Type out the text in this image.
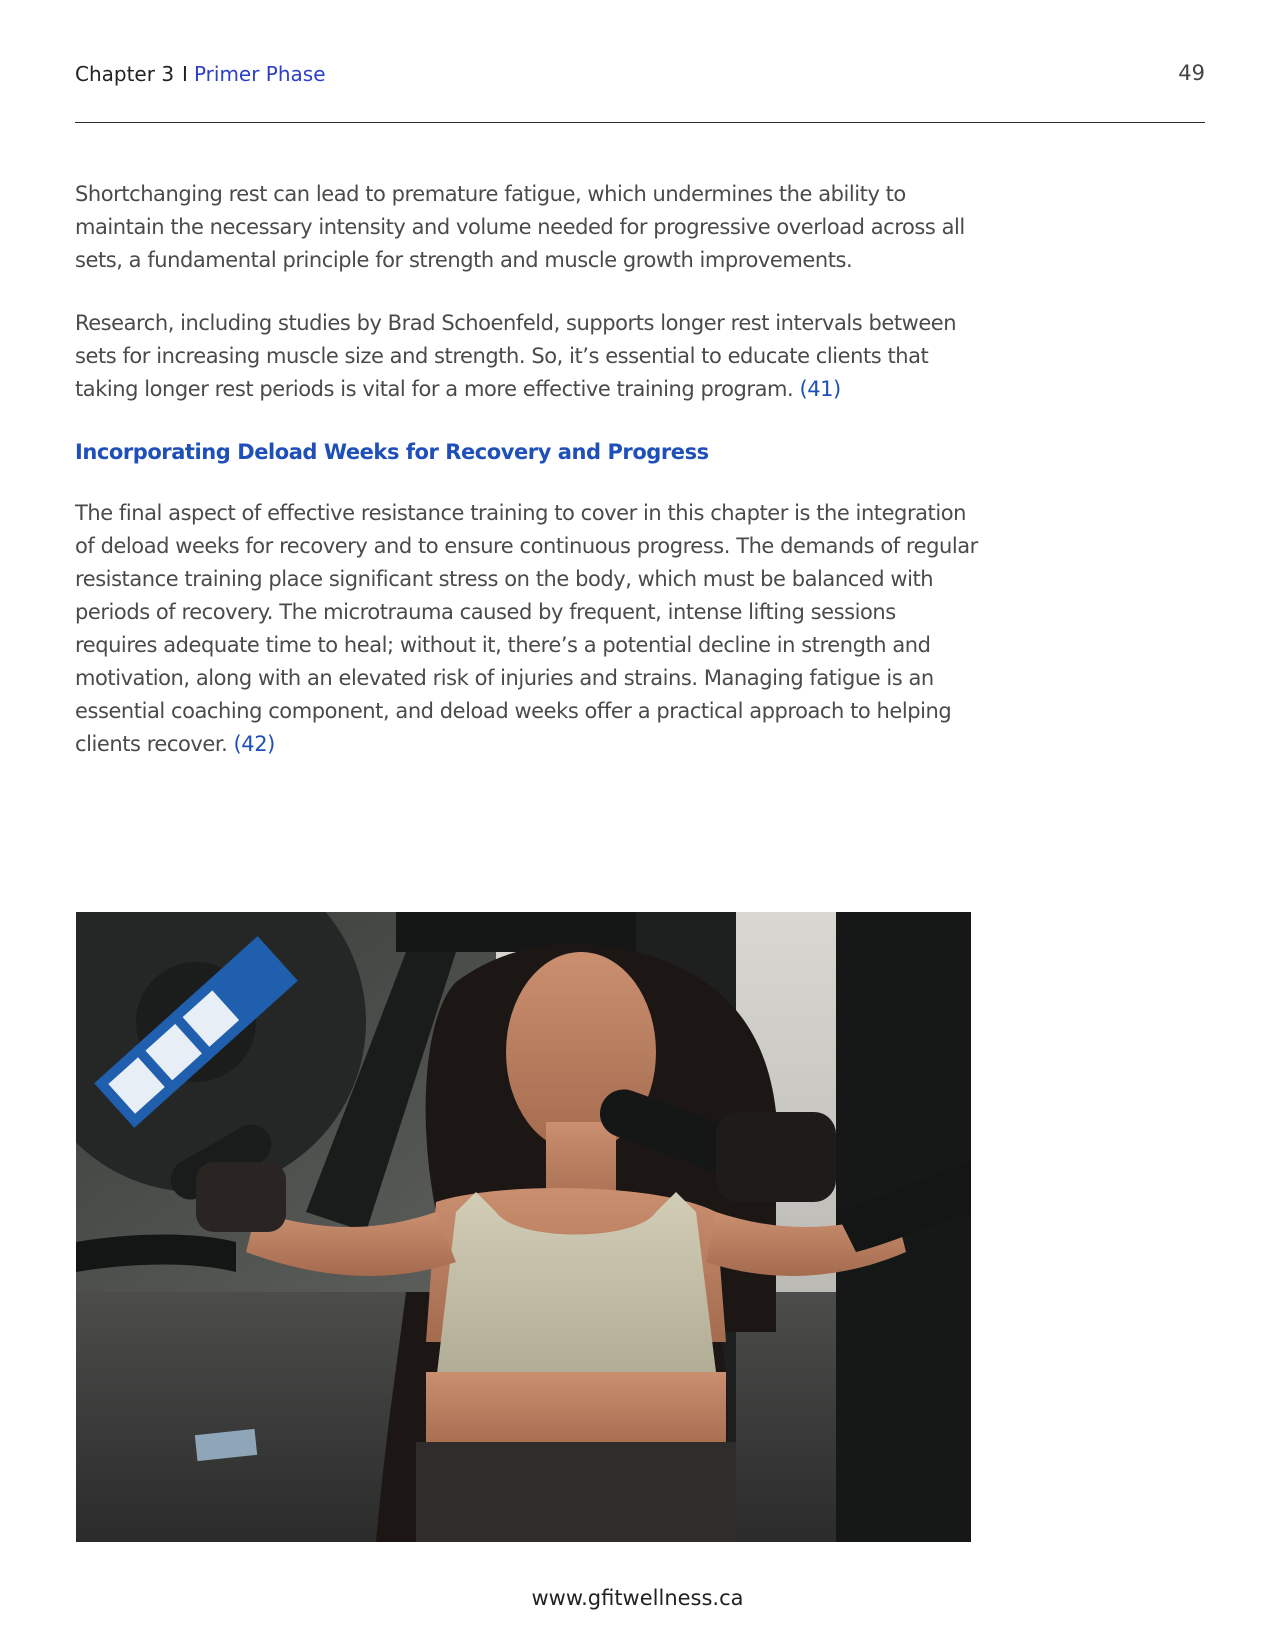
Chapter 3 I Primer Phase	49

Shortchanging rest can lead to premature fatigue, which undermines the ability to maintain the necessary intensity and volume needed for progressive overload across all sets, a fundamental principle for strength and muscle growth improvements.

Research, including studies by Brad Schoenfeld, supports longer rest intervals between sets for increasing muscle size and strength. So, it’s essential to educate clients that taking longer rest periods is vital for a more effective training program. (41)

Incorporating Deload Weeks for Recovery and Progress

The final aspect of effective resistance training to cover in this chapter is the integration of deload weeks for recovery and to ensure continuous progress. The demands of regular resistance training place significant stress on the body, which must be balanced with periods of recovery. The microtrauma caused by frequent, intense lifting sessions requires adequate time to heal; without it, there’s a potential decline in strength and motivation, along with an elevated risk of injuries and strains. Managing fatigue is an essential coaching component, and deload weeks offer a practical approach to helping clients recover. (42)

www.gfitwellness.ca
